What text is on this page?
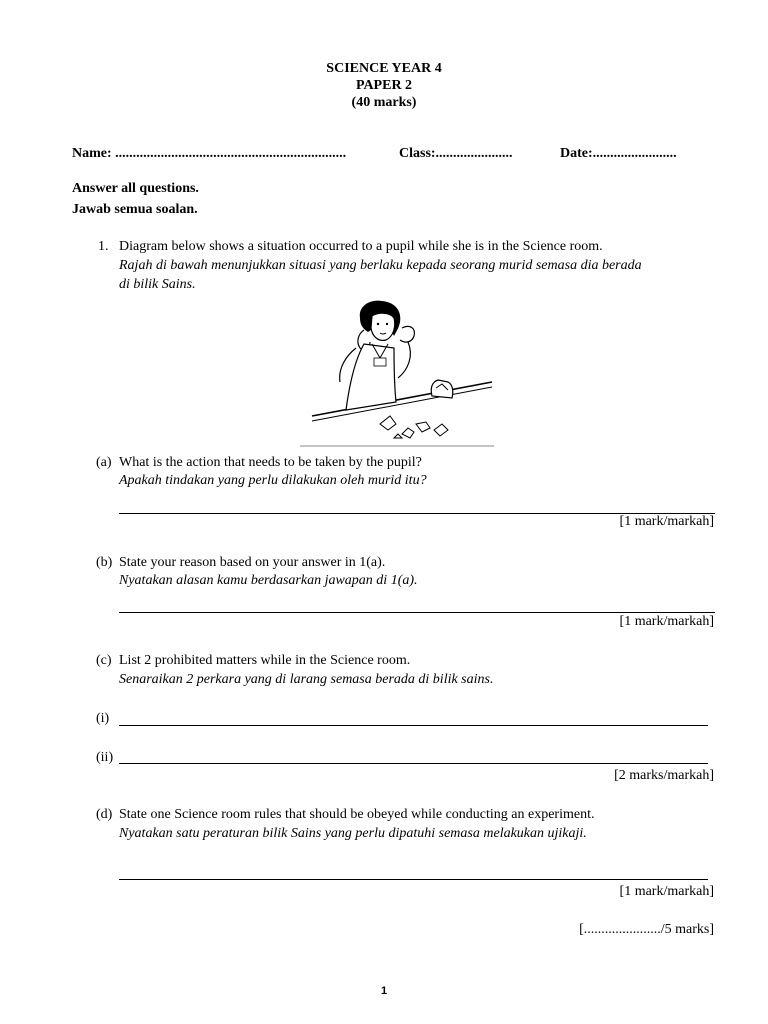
SCIENCE YEAR 4
PAPER 2
(40 marks)
Name: ..................................................................	Class:......................	Date:........................
Answer all questions.
Jawab semua soalan.
1. Diagram below shows a situation occurred to a pupil while she is in the Science room.
Rajah di bawah menunjukkan situasi yang berlaku kepada seorang murid semasa dia berada
di bilik Sains.
(a) What is the action that needs to be taken by the pupil?
Apakah tindakan yang perlu dilakukan oleh murid itu?
[1 mark/markah]
(b) State your reason based on your answer in 1(a).
Nyatakan alasan kamu berdasarkan jawapan di 1(a).
[1 mark/markah]
(c) List 2 prohibited matters while in the Science room.
Senaraikan 2 perkara yang di larang semasa berada di bilik sains.
(i)
(ii)
[2 marks/markah]
(d) State one Science room rules that should be obeyed while conducting an experiment.
Nyatakan satu peraturan bilik Sains yang perlu dipatuhi semasa melakukan ujikaji.
[1 mark/markah]
[....................../5 marks]
1
